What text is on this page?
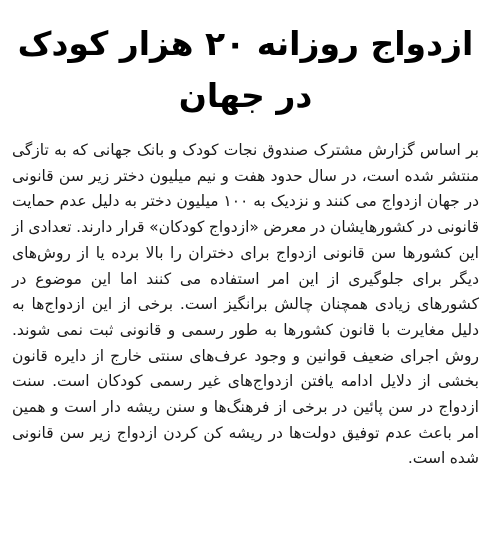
ازدواج روزانه ۲۰ هزار کودک در جهان

بر اساس گزارش مشترک صندوق نجات کودک و بانک جهانی که به تازگی منتشر شده است، در سال حدود هفت و نیم میلیون دختر زیر سن قانونی در جهان ازدواج می کنند و نزدیک به ۱۰۰ میلیون دختر به دلیل عدم حمایت قانونی در کشورهایشان در معرض «ازدواج کودکان» قرار دارند. تعدادی از این کشورها سن قانونی ازدواج برای دختران را بالا برده یا از روش‌های دیگر برای جلوگیری از این امر استفاده می کنند اما این موضوع در کشورهای زیادی همچنان چالش برانگیز است. برخی از این ازدواج‌ها به دلیل مغایرت با قانون کشورها به طور رسمی و قانونی ثبت نمی شوند. روش اجرای ضعیف قوانین و وجود عرف‌های سنتی خارج از دایره قانون بخشی از دلایل ادامه یافتن ازدواج‌های غیر رسمی کودکان است. سنت ازدواج در سن پائین در برخی از فرهنگ‌ها و سنن ریشه دار است و همین امر باعث عدم توفیق دولت‌ها در ریشه کن کردن ازدواج زیر سن قانونی شده است.
